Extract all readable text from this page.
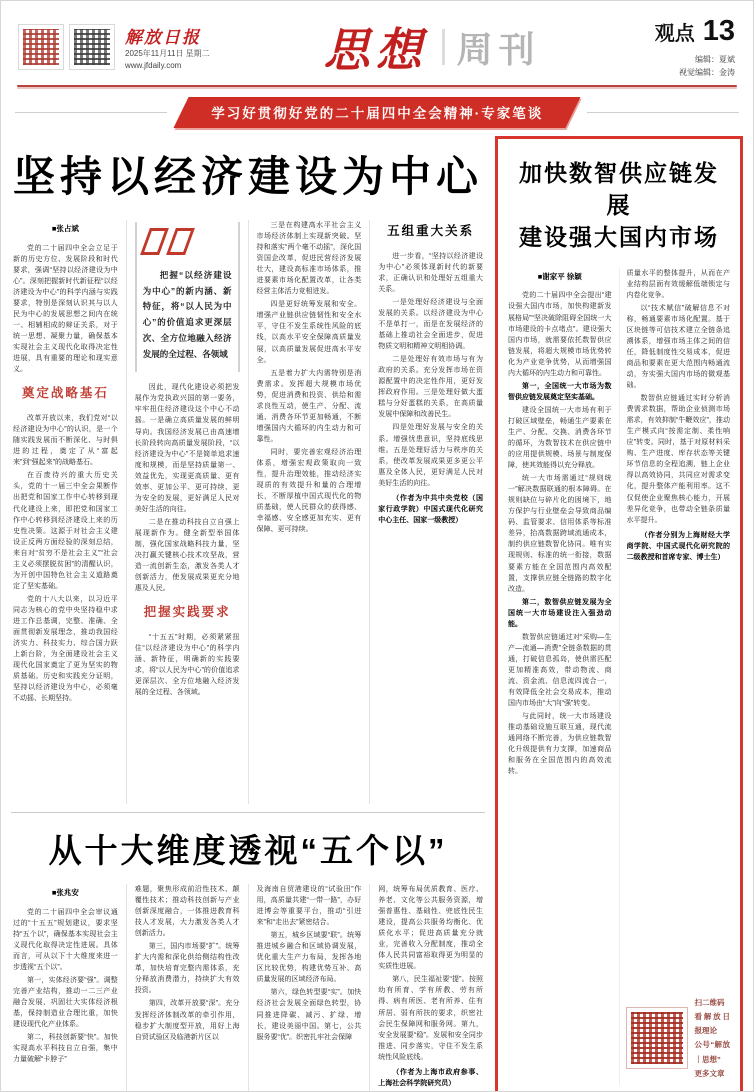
解放日报
2025年11月11日 星期二
www.jfdaily.com	思想 周刊	观点 13
编辑：夏斌
视觉编辑：金涛
学习好贯彻好党的二十届四中全会精神·专家笔谈
坚持以经济建设为中心

■张占斌

党的二十届四中全会立足于新的历史方位、发展阶段和时代要求，强调“坚持以经济建设为中心”。深刻把握新时代新征程“以经济建设为中心”的科学内涵与实践要求，特别是深刻认识其与以人民为中心的发展思想之间内在统一、相辅相成的辩证关系，对于统一思想、凝聚力量，确保基本实现社会主义现代化取得决定性进展，具有重要的理论和现实意义。

奠定战略基石

改革开放以来，我们党对“以经济建设为中心”的认识，是一个随实践发展而不断深化、与时俱进的过程，奠定了从“富起来”到“强起来”的战略基石。

在百废待兴的重大历史关头，党的十一届三中全会果断作出把党和国家工作中心转移到现代化建设上来，即把党和国家工作中心转移到经济建设上来的历史性决策。这源于对社会主义建设正反两方面经验的深刻总结，来自对“贫穷不是社会主义”“社会主义必须摆脱贫困”的清醒认识，为开创中国特色社会主义道路奠定了坚实基础。

党的十八大以来，以习近平同志为核心的党中央坚持稳中求进工作总基调，完整、准确、全面贯彻新发展理念，推动我国经济实力、科技实力、综合国力跃上新台阶，为全面建设社会主义现代化国家奠定了更为坚实的物质基础。历史和实践充分证明，坚持以经济建设为中心，必须毫不动摇、长期坚持。

把握“以经济建设为中心”的新内涵、新特征，将“以人民为中心”的价值追求更深层次、全方位地融入经济发展的全过程、各领域

因此，现代化建设必须把发展作为党执政兴国的第一要务，牢牢扭住经济建设这个中心不动摇。一是确立高质量发展的鲜明导向。我国经济发展已由高速增长阶段转向高质量发展阶段，“以经济建设为中心”不是简单追求速度和规模，而是坚持质量第一、效益优先，实现更高质量、更有效率、更加公平、更可持续、更为安全的发展，更好满足人民对美好生活的向往。

二是在推动科技自立自强上展现新作为。健全新型举国体制，强化国家战略科技力量，坚决打赢关键核心技术攻坚战，营造一流创新生态，激发各类人才创新活力，使发展成果更充分地惠及人民。

把握实践要求

“十五五”时期，必须紧紧扭住“以经济建设为中心”的科学内涵、新特征，明确新的实践要求，将“以人民为中心”的价值追求更深层次、全方位地融入经济发展的全过程、各领域。

三是在构建高水平社会主义市场经济体制上实现新突破。坚持和落实“两个毫不动摇”，深化国资国企改革，促进民营经济发展壮大，建设高标准市场体系，推进要素市场化配置改革，让各类经营主体活力竞相迸发。

四是更好统筹发展和安全。增强产业链供应链韧性和安全水平，守住不发生系统性风险的底线，以高水平安全保障高质量发展，以高质量发展促进高水平安全。

五是着力扩大内需特别是消费需求。发挥超大规模市场优势，促进消费和投资、供给和需求良性互动，使生产、分配、流通、消费各环节更加畅通，不断增强国内大循环的内生动力和可靠性。

同时，要完善宏观经济治理体系，增强宏观政策取向一致性，提升治理效能，推动经济实现质的有效提升和量的合理增长，不断厚植中国式现代化的物质基础，使人民群众的获得感、幸福感、安全感更加充实、更有保障、更可持续。

五组重大关系

进一步看，“坚持以经济建设为中心”必须体现新时代的新要求，正确认识和处理好五组重大关系。

一是处理好经济建设与全面发展的关系。以经济建设为中心不是单打一，而是在发展经济的基础上推动社会全面进步，促进物质文明和精神文明相协调。

二是处理好有效市场与有为政府的关系。充分发挥市场在资源配置中的决定性作用，更好发挥政府作用。三是处理好做大蛋糕与分好蛋糕的关系，在高质量发展中保障和改善民生。

四是处理好发展与安全的关系。增强忧患意识，坚持底线思维。五是处理好活力与秩序的关系，使改革发展成果更多更公平惠及全体人民，更好满足人民对美好生活的向往。

（作者为中共中央党校（国家行政学院）中国式现代化研究中心主任、国家一级教授）

从十大维度透视“五个以”

■张兆安

党的二十届四中全会审议通过的“十五五”规划建议，要求坚持“五个以”，确保基本实现社会主义现代化取得决定性进展。具体而言，可从以下十大维度来进一步透视“五个以”。

第一，实体经济要“强”。调整完善产业结构，推动一二三产业融合发展，巩固壮大实体经济根基，保持制造业合理比重，加快建设现代化产业体系。

第二，科技创新要“快”。加快实现高水平科技自立自强，集中力量破解“卡脖子”

难题，聚焦形成前沿性技术、颠覆性技术；推动科技创新与产业创新深度融合，一体推进教育科技人才发展，大力激发各类人才创新活力。

第三，国内市场要“扩”。统筹扩大内需和深化供给侧结构性改革，加快培育完整内需体系，充分释放消费潜力，持续扩大有效投资。

第四，改革开放要“深”。充分发挥经济体制改革的牵引作用，稳步扩大制度型开放，用好上海自贸试验区及临港新片区以

及海南自贸港建设的“试验田”作用，高质量共建“一带一路”，办好进博会等重要平台，推动“引进来”和“走出去”紧密结合。

第五，城乡区域要“联”。统筹推进城乡融合和区域协调发展，优化重大生产力布局，发挥各地区比较优势，构建优势互补、高质量发展的区域经济布局。

第六，绿色转型要“实”。加快经济社会发展全面绿色转型，协同推进降碳、减污、扩绿、增长，建设美丽中国。第七，公共服务要“优”。织密扎牢社会保障

网，统筹布局优质教育、医疗、养老、文化等公共服务资源，增强普惠性、基础性、兜底性民生建设，提高公共服务均衡化、优质化水平；促进高质量充分就业，完善收入分配制度，推动全体人民共同富裕取得更为明显的实质性进展。

第八，民生福祉要“提”。按照幼有所育、学有所教、劳有所得、病有所医、老有所养、住有所居、弱有所扶的要求，织密社会民生保障网和服务网。第九，安全发展要“稳”。发展和安全同步推进、同步落实，守住不发生系统性风险底线。

（作者为上海市政府参事、上海社会科学院研究员）

加快数智供应链发展
建设强大国内市场

■谢家平 徐颖

党的二十届四中全会提出“建设强大国内市场，加快构建新发展格局”“坚决破除阻碍全国统一大市场建设的卡点堵点”。建设强大国内市场，就需要依托数智供应链发展，将超大规模市场优势转化为产业竞争优势，从而增强国内大循环的内生动力和可靠性。

第一，全国统一大市场为数智供应链发展奠定坚实基础。

建设全国统一大市场有利于打破区域壁垒，畅通生产要素在生产、分配、交换、消费各环节的循环，为数智技术在供应链中的应用提供规模、场景与制度保障，使其效能得以充分释放。

统一大市场需通过“规则统一”解决数据联通的根本障碍。在规则缺位与碎片化的困境下，地方保护与行业壁垒会导致商品编码、监管要求、信用体系等标准差异，抬高数据跨域流通成本，制约供应链数智化协同。唯有实现规则、标准的统一衔接，数据要素方能在全国范围内高效配置，支撑供应链全链路的数字化改造。

第二，数智供应链发展为全国统一大市场建设注入强劲动能。

数智供应链通过对“采购—生产—流通—消费”全链条数据的贯通，打破信息孤岛，使供需匹配更加精准高效，带动物流、商流、资金流、信息流四流合一，有效降低全社会交易成本，推动国内市场由“大”向“强”转变。

与此同时，统一大市场建设推动基础设施互联互通，现代流通网络不断完善，为供应链数智化升级提供有力支撑，加速商品和服务在全国范围内的高效流转。

质量水平的整体提升，从而在产业结构层面有效缓解低端锁定与内卷化竞争。

以“技术赋信”破解信息不对称，畅通要素市场化配置。基于区块链等可信技术建立全链条追溯体系，增强市场主体之间的信任，降低制度性交易成本，促进商品和要素在更大范围内畅通流动，夯实强大国内市场的微观基础。

数智供应链通过实时分析消费需求数据，帮助企业侦测市场需求，有效抑制“牛鞭效应”，推动生产模式向“按需定制、柔性响应”转变。同时，基于对原材料采购、生产进度、库存状态等关键环节信息的全程追溯，链上企业得以高效协同，共同应对需求变化，提升整体产能利用率。这不仅促使企业聚焦核心能力，开展差异化竞争，也带动全链条质量水平提升。

（作者分别为上海财经大学商学院、中国式现代化研究院的二级教授和首席专家、博士生）

扫二维码

看解放日报理论

公号“解放｜思想”

更多文章
